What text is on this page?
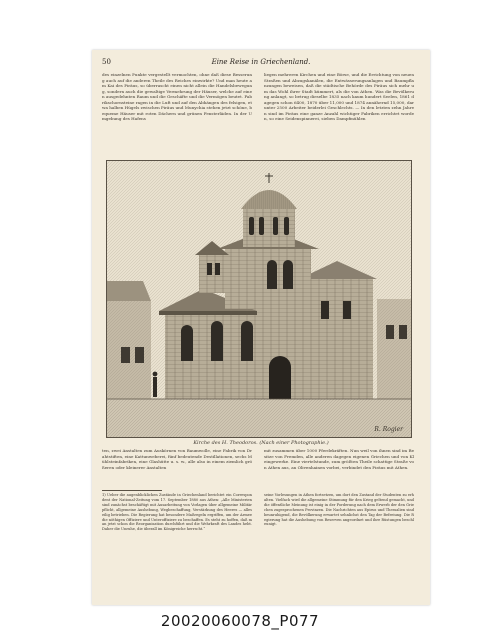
50	Eine Reise in Griechenland.
des einzelnen Punkte vergestellt vermochten, ohne daß diese Besserung auch auf die anderen Theile des Reiches einwirkte? Und man heute am Kai des Piräus, so überrascht einen nicht allein die Handelsbewegung, sondern auch die gewaltige Vermehrung der Häuser, welche auf einen ausgedehnten Raum und die Geschäfte und die Vermögen beutet. Fabrikschornsteine ragen in die Luft und auf den Abhängen des felsigen, etwa halben Hügels zwischen Piräus und Munychia stehen jetzt schöne, bequeme Häuser mit roten Dächern und grünen Fensterläden. In der Umgebung des Hafens
liegen mehreren Kirchen und eine Börse, und die Errichtung von neuen Straßen und Abzugskanälen, die Entwässerungsanlagen und Baumpflanzungen beweisen, daß die städtische Behörde des Piräus sich mehr um das Wohl ihrer Stadt kümmert, als die von Athen. Was die Bevölkerung anlangt, so betrug dieselbe 1835 nach kaum hundert Seelen, 1861 dagegen schon 6400, 1870 über 11,000 und 1874 annähernd 15,000, darunter 2500 Arbeiter beiderlei Geschlechts. — In den letzten zehn Jahren sind im Piräus eine ganze Anzahl wichtiger Fabriken errichtet worden, so eine Seidenspinnerei, sieben Dampfmühlen
R. Rogier
Kirche des H. Theodoros. (Nach einer Photographie.)
ten, zwei Anstalten zum Auskörnen von Baumwolle, eine Fabrik von Drahtstiften, eine Kattunweberei, fünf bedeutende Destillationen, sechs Mühlsteinfabriken, eine Glashütte u. s. w., alle also in einem ziemlich größeren oder kleinerer Anstalten
mit zusammen über 1000 Pferdekräften. Nun weil von ihnen sind im Besitze von Fremden, alle anderen dagegen eigenen Griechen und von Kleingewerke. Eine viertelstunde, zum größten Theile schattige Straße von Athen aus, an Olivenhainen vorbei, verbindet den Piräus mit Athen.
1) Ueber die augenblicklichen Zustände in Griechenland berichtet ein Correspondent der National-Zeitung vom 17. September 1880 aus Athen: „Alle Ministerien sind zunächst beschäftigt mit Ausarbeitung von Vorlagen über allgemeine Militärpflicht, allgemeine Aushebung, Wegbeschaffung, Verstärkung des Heeres — alles eilig betrieben. Die Regierung hat besondere Maßregeln ergriffen, um der Armee die nöthigen Offiziere und Unteroffiziere zu beschaffen. Es steht zu hoffen, daß man jetzt schon die Reorganisation durchführt und die Wehrkraft des Landes hebt. Daher die Unruhe, die überall im Königreiche herrscht.“
seine Vorlesungen in Athen fortsetzen, um dort den Zustand der Studenten zu erhalten. Vielfach wird die allgemeine Stimmung für den Krieg geltend gemacht, und die öffentliche Meinung ist einig in der Forderung nach dem Erwerb der den Griechen zugesprochenen Provinzen. Die Nachrichten aus Epirus und Thessalien sind beunruhigend, die Bevölkerung erwartet sehnlichst den Tag der Befreiung. Die Regierung hat die Aushebung von Reserven angeordnet und ihre Rüstungen beschleunigt.
20020060078_P077
